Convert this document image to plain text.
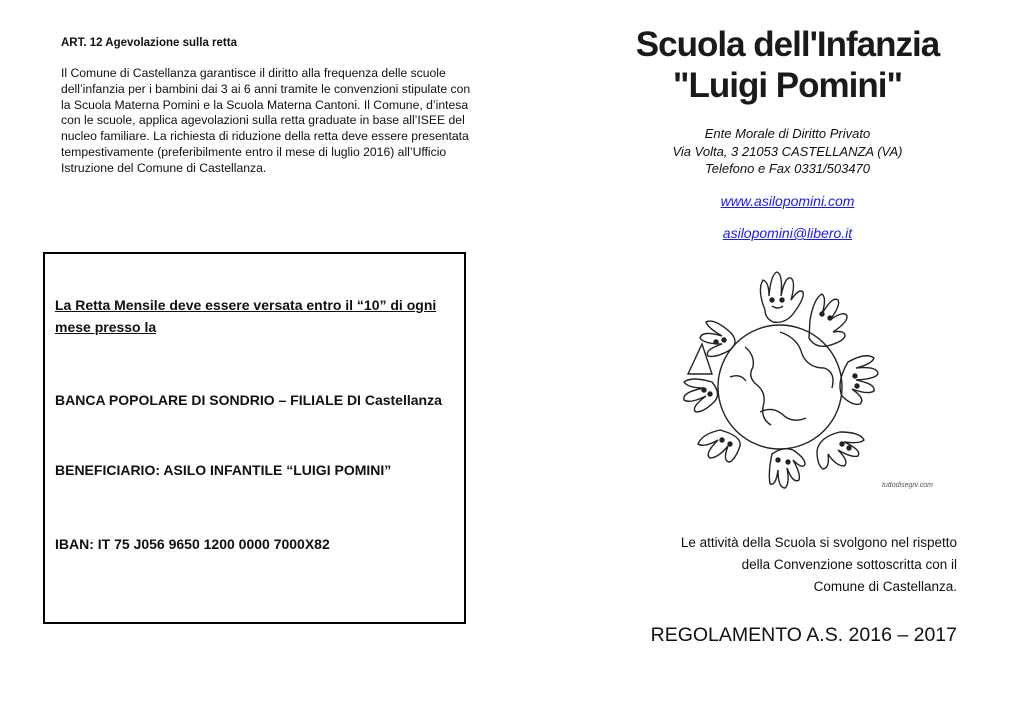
ART. 12 Agevolazione sulla retta
Il Comune di Castellanza garantisce il diritto alla frequenza delle scuole
dell’infanzia per i bambini dai 3 ai 6 anni tramite le convenzioni stipulate con
la Scuola Materna Pomini e la Scuola Materna Cantoni. Il Comune, d’intesa
con le scuole, applica agevolazioni sulla retta graduate in base all’ISEE del
nucleo familiare. La richiesta di riduzione della retta deve essere presentata
tempestivamente (preferibilmente entro il mese di luglio 2016) all’Ufficio
Istruzione del Comune di Castellanza.
La Retta Mensile deve essere versata entro il “10” di ogni
mese presso la
BANCA POPOLARE DI SONDRIO – FILIALE DI Castellanza
BENEFICIARIO: ASILO INFANTILE “LUIGI POMINI”
IBAN: IT 75 J056 9650 1200 0000 7000X82
Scuola dell'Infanzia
"Luigi Pomini"
Ente Morale di Diritto Privato
Via Volta, 3 21053 CASTELLANZA (VA)
Telefono e Fax 0331/503470
www.asilopomini.com
asilopomini@libero.it
tuttodisegni.com
Le attività della Scuola si svolgono nel rispetto
della Convenzione sottoscritta con il
Comune di Castellanza.
REGOLAMENTO A.S. 2016 – 2017
